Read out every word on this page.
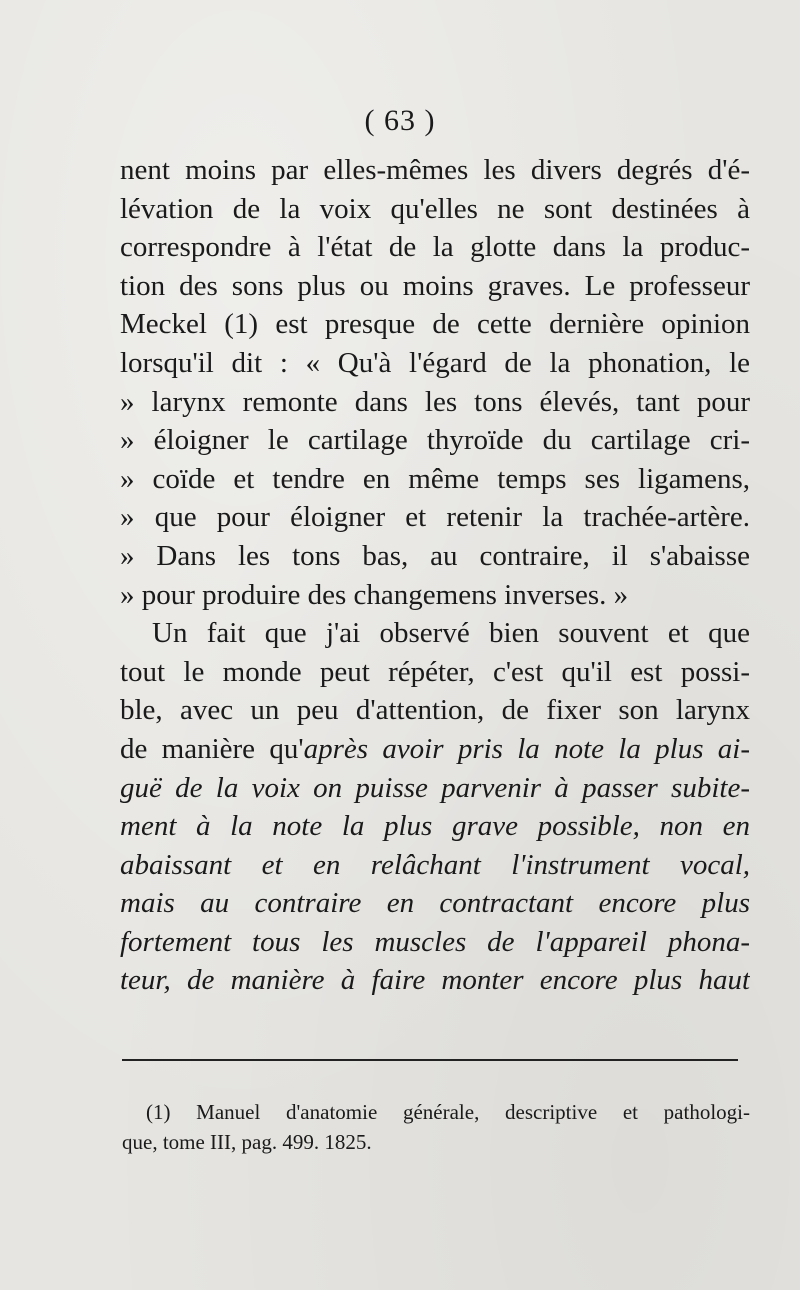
( 63 )
nent moins par elles-mêmes les divers degrés d'é-
lévation de la voix qu'elles ne sont destinées à
correspondre à l'état de la glotte dans la produc-
tion des sons plus ou moins graves. Le professeur
Meckel (1) est presque de cette dernière opinion
lorsqu'il dit : « Qu'à l'égard de la phonation, le
» larynx remonte dans les tons élevés, tant pour
» éloigner le cartilage thyroïde du cartilage cri-
» coïde et tendre en même temps ses ligamens,
» que pour éloigner et retenir la trachée-artère.
» Dans les tons bas, au contraire, il s'abaisse
» pour produire des changemens inverses. »
Un fait que j'ai observé bien souvent et que
tout le monde peut répéter, c'est qu'il est possi-
ble, avec un peu d'attention, de fixer son larynx
de manière qu'après avoir pris la note la plus ai-
guë de la voix on puisse parvenir à passer subite-
ment à la note la plus grave possible, non en
abaissant et en relâchant l'instrument vocal,
mais au contraire en contractant encore plus
fortement tous les muscles de l'appareil phona-
teur, de manière à faire monter encore plus haut
(1) Manuel d'anatomie générale, descriptive et pathologi-
que, tome III, pag. 499. 1825.
